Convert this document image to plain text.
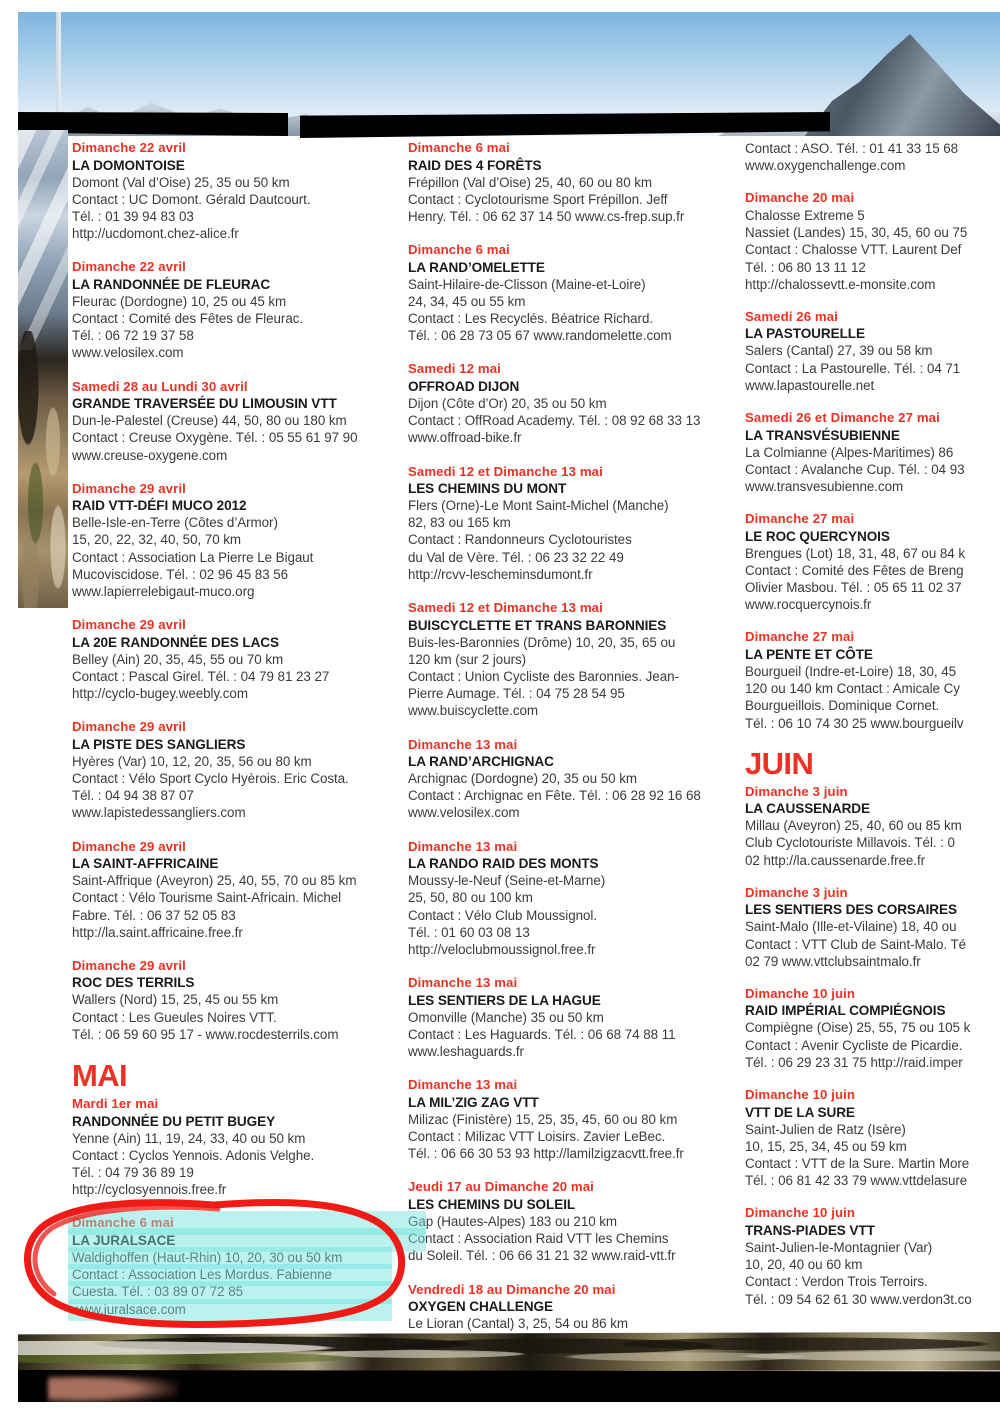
Dimanche 22 avril
LA DOMONTOISE
Domont (Val d’Oise) 25, 35 ou 50 km
Contact : UC Domont. Gérald Dautcourt.
Tél. : 01 39 94 83 03
http://ucdomont.chez-alice.fr
Dimanche 22 avril
LA RANDONNÉE DE FLEURAC
Fleurac (Dordogne) 10, 25 ou 45 km
Contact : Comité des Fêtes de Fleurac.
Tél. : 06 72 19 37 58
www.velosilex.com
Samedi 28 au Lundi 30 avril
GRANDE TRAVERSÉE DU LIMOUSIN VTT
Dun-le-Palestel (Creuse) 44, 50, 80 ou 180 km
Contact : Creuse Oxygène. Tél. : 05 55 61 97 90
www.creuse-oxygene.com
Dimanche 29 avril
RAID VTT-DÉFI MUCO 2012
Belle-Isle-en-Terre (Côtes d’Armor)
15, 20, 22, 32, 40, 50, 70 km
Contact : Association La Pierre Le Bigaut
Mucoviscidose. Tél. : 02 96 45 83 56
www.lapierrelebigaut-muco.org
Dimanche 29 avril
LA 20E RANDONNÉE DES LACS
Belley (Ain) 20, 35, 45, 55 ou 70 km
Contact : Pascal Girel. Tél. : 04 79 81 23 27
http://cyclo-bugey.weebly.com
Dimanche 29 avril
LA PISTE DES SANGLIERS
Hyères (Var) 10, 12, 20, 35, 56 ou 80 km
Contact : Vélo Sport Cyclo Hyèrois. Eric Costa.
Tél. : 04 94 38 87 07
www.lapistedessangliers.com
Dimanche 29 avril
LA SAINT-AFFRICAINE
Saint-Affrique (Aveyron) 25, 40, 55, 70 ou 85 km
Contact : Vélo Tourisme Saint-Africain. Michel
Fabre. Tél. : 06 37 52 05 83
http://la.saint.affricaine.free.fr
Dimanche 29 avril
ROC DES TERRILS
Wallers (Nord) 15, 25, 45 ou 55 km
Contact : Les Gueules Noires VTT.
Tél. : 06 59 60 95 17 - www.rocdesterrils.com
MAI
Mardi 1er mai
RANDONNÉE DU PETIT BUGEY
Yenne (Ain) 11, 19, 24, 33, 40 ou 50 km
Contact : Cyclos Yennois. Adonis Velghe.
Tél. : 04 79 36 89 19
http://cyclosyennois.free.fr
Dimanche 6 mai
LA JURALSACE
Waldighoffen (Haut-Rhin) 10, 20, 30 ou 50 km
Contact : Association Les Mordus. Fabienne
Cuesta. Tél. : 03 89 07 72 85
www.juralsace.com
Dimanche 6 mai
RAID DES 4 FORÊTS
Frépillon (Val d’Oise) 25, 40, 60 ou 80 km
Contact : Cyclotourisme Sport Frépillon. Jeff
Henry. Tél. : 06 62 37 14 50 www.cs-frep.sup.fr
Dimanche 6 mai
LA RAND’OMELETTE
Saint-Hilaire-de-Clisson (Maine-et-Loire)
24, 34, 45 ou 55 km
Contact : Les Recyclés. Béatrice Richard.
Tél. : 06 28 73 05 67 www.randomelette.com
Samedi 12 mai
OFFROAD DIJON
Dijon (Côte d’Or) 20, 35 ou 50 km
Contact : OffRoad Academy. Tél. : 08 92 68 33 13
www.offroad-bike.fr
Samedi 12 et Dimanche 13 mai
LES CHEMINS DU MONT
Flers (Orne)-Le Mont Saint-Michel (Manche)
82, 83 ou 165 km
Contact : Randonneurs Cyclotouristes
du Val de Vère. Tél. : 06 23 32 22 49
http://rcvv-lescheminsdumont.fr
Samedi 12 et Dimanche 13 mai
BUISCYCLETTE ET TRANS BARONNIES
Buis-les-Baronnies (Drôme) 10, 20, 35, 65 ou
120 km (sur 2 jours)
Contact : Union Cycliste des Baronnies. Jean-
Pierre Aumage. Tél. : 04 75 28 54 95
www.buiscyclette.com
Dimanche 13 mai
LA RAND’ARCHIGNAC
Archignac (Dordogne) 20, 35 ou 50 km
Contact : Archignac en Fête. Tél. : 06 28 92 16 68
www.velosilex.com
Dimanche 13 mai
LA RANDO RAID DES MONTS
Moussy-le-Neuf (Seine-et-Marne)
25, 50, 80 ou 100 km
Contact : Vélo Club Moussignol.
Tél. : 01 60 03 08 13
http://veloclubmoussignol.free.fr
Dimanche 13 mai
LES SENTIERS DE LA HAGUE
Omonville (Manche) 35 ou 50 km
Contact : Les Haguards. Tél. : 06 68 74 88 11
www.leshaguards.fr
Dimanche 13 mai
LA MIL’ZIG ZAG VTT
Milizac (Finistère) 15, 25, 35, 45, 60 ou 80 km
Contact : Milizac VTT Loisirs. Zavier LeBec.
Tél. : 06 66 30 53 93 http://lamilzigzacvtt.free.fr
Jeudi 17 au Dimanche 20 mai
LES CHEMINS DU SOLEIL
Gap (Hautes-Alpes) 183 ou 210 km
Contact : Association Raid VTT les Chemins
du Soleil. Tél. : 06 66 31 21 32 www.raid-vtt.fr
Vendredi 18 au Dimanche 20 mai
OXYGEN CHALLENGE
Le Lioran (Cantal) 3, 25, 54 ou 86 km
Contact : ASO. Tél. : 01 41 33 15 68
www.oxygenchallenge.com
Dimanche 20 mai
Chalosse Extreme 5
Nassiet (Landes) 15, 30, 45, 60 ou 75
Contact : Chalosse VTT. Laurent Def
Tél. : 06 80 13 11 12
http://chalossevtt.e-monsite.com
Samedi 26 mai
LA PASTOURELLE
Salers (Cantal) 27, 39 ou 58 km
Contact : La Pastourelle. Tél. : 04 71
www.lapastourelle.net
Samedi 26 et Dimanche 27 mai
LA TRANSVÉSUBIENNE
La Colmianne (Alpes-Maritimes) 86
Contact : Avalanche Cup. Tél. : 04 93
www.transvesubienne.com
Dimanche 27 mai
LE ROC QUERCYNOIS
Brengues (Lot) 18, 31, 48, 67 ou 84 k
Contact : Comité des Fêtes de Breng
Olivier Masbou. Tél. : 05 65 11 02 37
www.rocquercynois.fr
Dimanche 27 mai
LA PENTE ET CÔTE
Bourgueil (Indre-et-Loire) 18, 30, 45
120 ou 140 km Contact : Amicale Cy
Bourgueillois. Dominique Cornet.
Tél. : 06 10 74 30 25 www.bourgueilv
JUIN
Dimanche 3 juin
LA CAUSSENARDE
Millau (Aveyron) 25, 40, 60 ou 85 km
Club Cyclotouriste Millavois. Tél. : 0
02 http://la.caussenarde.free.fr
Dimanche 3 juin
LES SENTIERS DES CORSAIRES
Saint-Malo (Ille-et-Vilaine) 18, 40 ou
Contact : VTT Club de Saint-Malo. Té
02 79 www.vttclubsaintmalo.fr
Dimanche 10 juin
RAID IMPÉRIAL COMPIÉGNOIS
Compiègne (Oise) 25, 55, 75 ou 105 k
Contact : Avenir Cycliste de Picardie.
Tél. : 06 29 23 31 75 http://raid.imper
Dimanche 10 juin
VTT DE LA SURE
Saint-Julien de Ratz (Isère)
10, 15, 25, 34, 45 ou 59 km
Contact : VTT de la Sure. Martin More
Tél. : 06 81 42 33 79 www.vttdelasure
Dimanche 10 juin
TRANS-PIADES VTT
Saint-Julien-le-Montagnier (Var)
10, 20, 40 ou 60 km
Contact : Verdon Trois Terroirs.
Tél. : 09 54 62 61 30 www.verdon3t.co
